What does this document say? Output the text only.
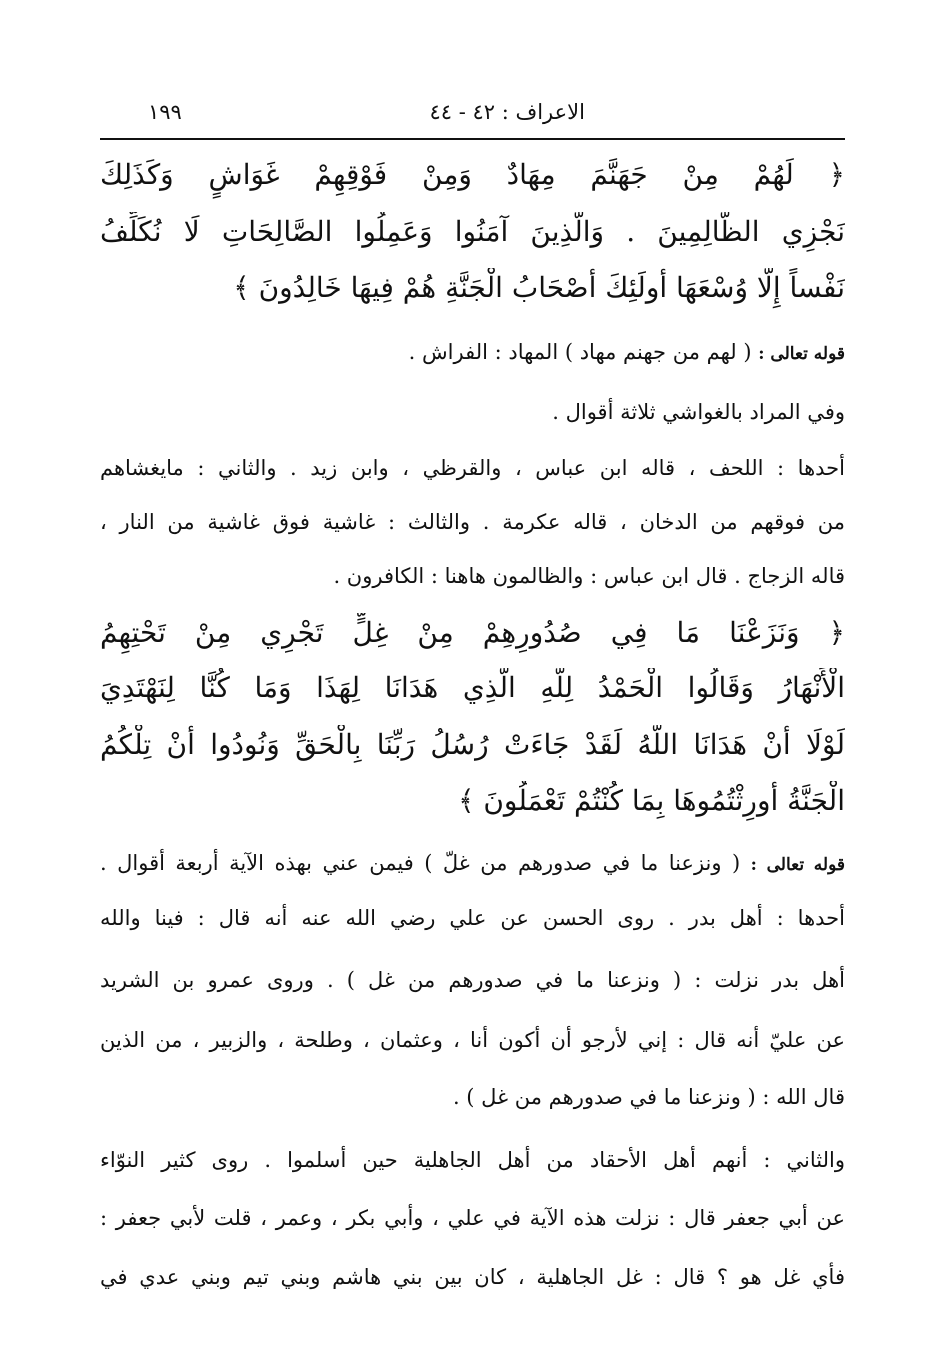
الاعراف : ٤٢ - ٤٤
١٩٩
﴿ لَهُمْ مِنْ جَهَنَّمَ مِهَادٌ وَمِنْ فَوْقِهِمْ غَوَاشٍ وَكَذَلِكَ
نَجْزِي الظَّالِمِينَ . وَالَّذِينَ آمَنُوا وَعَمِلُوا الصَّالِحَاتِ لَا نُكَلِّفُ
نَفْساً إِلَّا وُسْعَهَا أُولَئِكَ أَصْحَابُ الْجَنَّةِ هُمْ فِيهَا خَالِدُونَ ﴾
قوله تعالى : ( لهم من جهنم مهاد ) المهاد : الفراش .
وفي المراد بالغواشي ثلاثة أقوال .
أحدها : اللحف ، قاله ابن عباس ، والقرظي ، وابن زيد . والثاني : مايغشاهم
من فوقهم من الدخان ، قاله عكرمة . والثالث : غاشية فوق غاشية من النار ،
قاله الزجاج . قال ابن عباس : والظالمون هاهنا : الكافرون .
﴿ وَنَزَعْنَا مَا فِي صُدُورِهِمْ مِنْ غِلٍّ تَجْرِي مِنْ تَحْتِهِمُ
الْأَنْهَارُ وَقَالُوا الْحَمْدُ لِلَّهِ الَّذِي هَدَانَا لِهَذَا وَمَا كُنَّا لِنَهْتَدِيَ
لَوْلَا أَنْ هَدَانَا اللَّهُ لَقَدْ جَاءَتْ رُسُلُ رَبِّنَا بِالْحَقِّ وَنُودُوا أَنْ تِلْكُمُ
الْجَنَّةُ أُورِثْتُمُوهَا بِمَا كُنْتُمْ تَعْمَلُونَ ﴾
قوله تعالى : ( ونزعنا ما في صدورهم من غلّ ) فيمن عني بهذه الآية أربعة أقوال .
أحدها : أهل بدر . روى الحسن عن علي رضي الله عنه أنه قال : فينا والله
أهل بدر نزلت : ( ونزعنا ما في صدورهم من غل ) . وروى عمرو بن الشريد
عن عليّ أنه قال : إني لأرجو أن أكون أنا ، وعثمان ، وطلحة ، والزبير ، من الذين
قال الله : ( ونزعنا ما في صدورهم من غل ) .
والثاني : أنهم أهل الأحقاد من أهل الجاهلية حين أسلموا . روى كثير النوّاء
عن أبي جعفر قال : نزلت هذه الآية في علي ، وأبي بكر ، وعمر ، قلت لأبي جعفر :
فأي غل هو ؟ قال : غل الجاهلية ، كان بين بني هاشم وبني تيم وبني عدي في
